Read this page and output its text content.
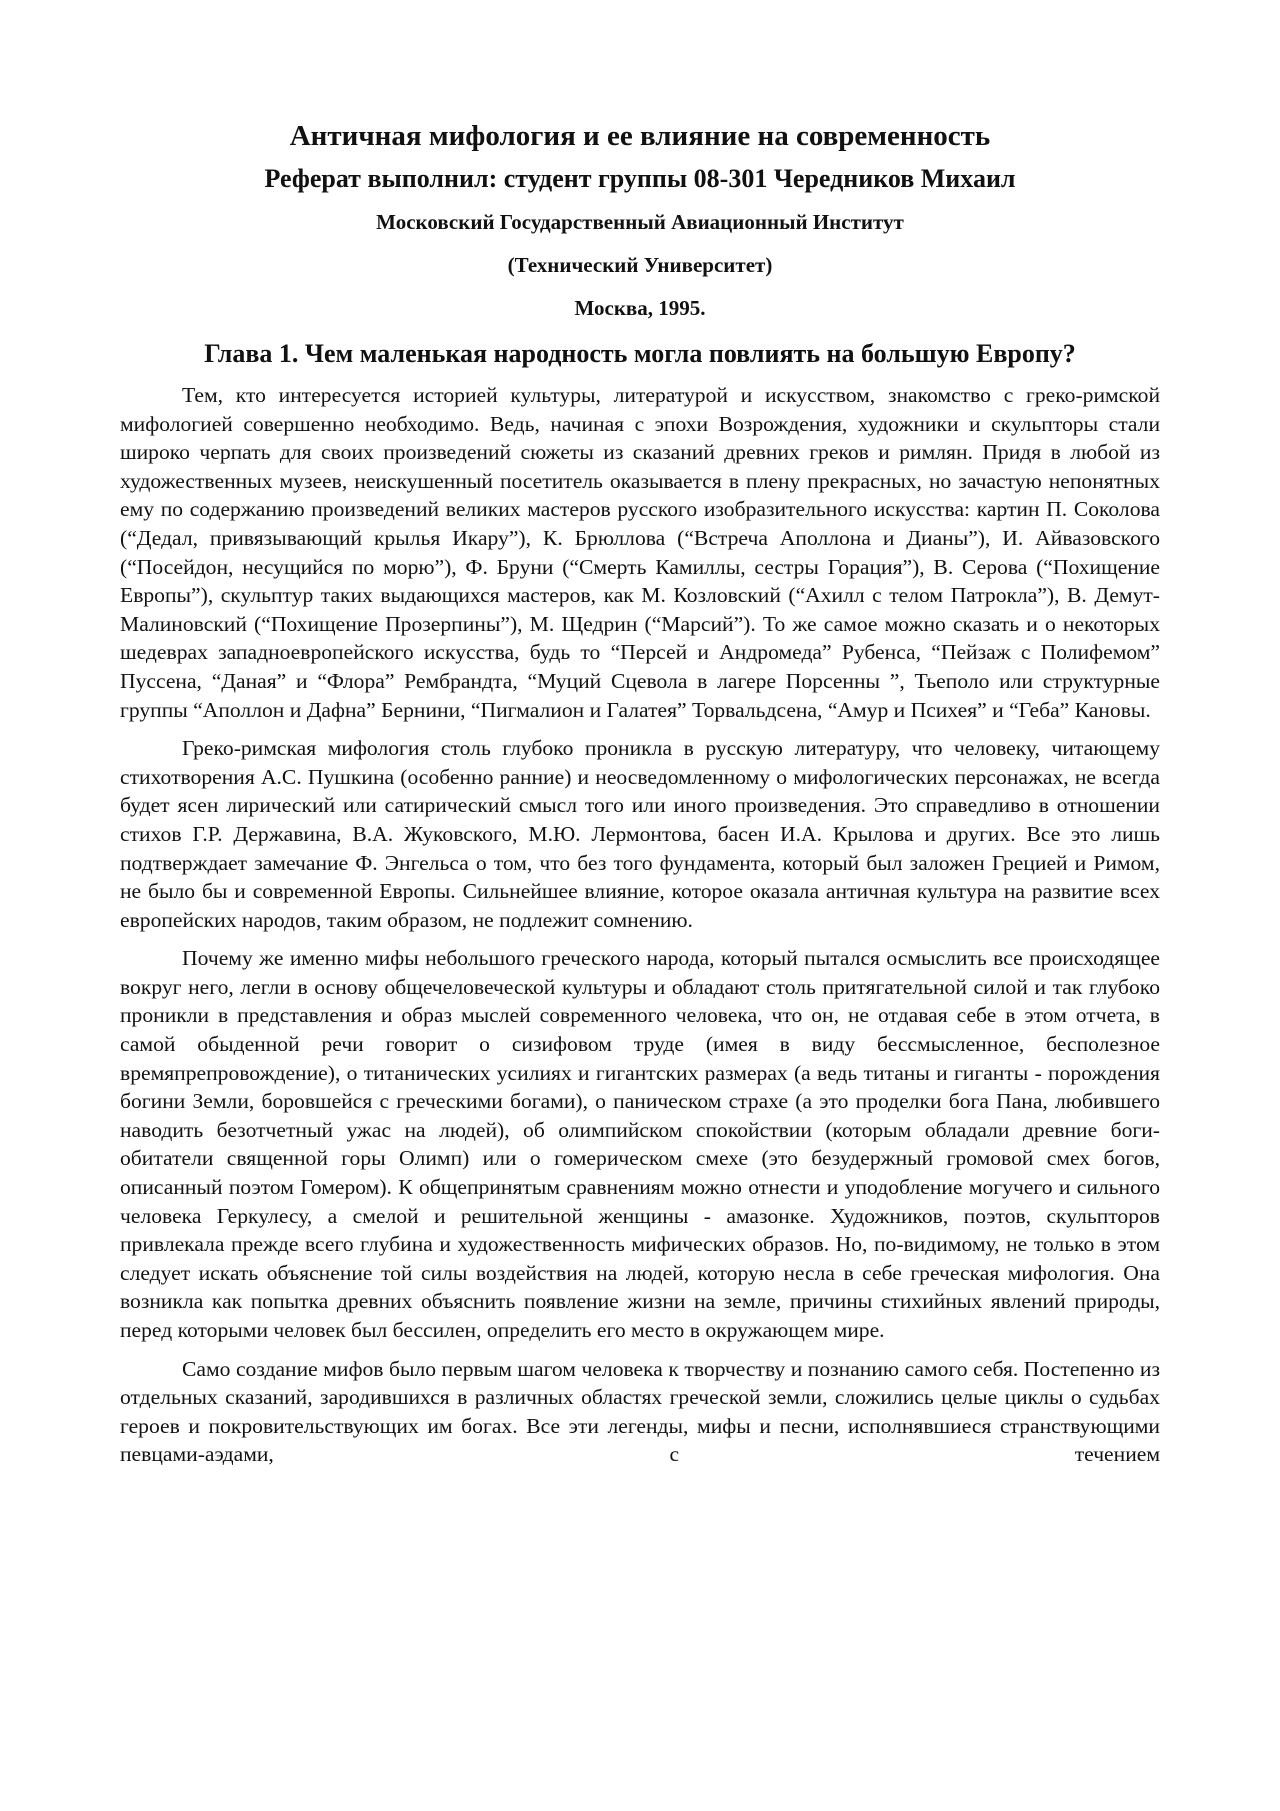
Античная мифология и ее влияние на современность
Реферат выполнил: студент группы 08-301 Чередников Михаил
Московский Государственный Авиационный Институт
(Технический Университет)
Москва, 1995.
Глава 1. Чем маленькая народность могла повлиять на большую Европу?

Тем, кто интересуется историей культуры, литературой и искусством, знакомство с греко-римской мифологией совершенно необходимо. Ведь, начиная с эпохи Возрождения, художники и скульпторы стали широко черпать для своих произведений сюжеты из сказаний древних греков и римлян. Придя в любой из художественных музеев, неискушенный посетитель оказывается в плену прекрасных, но зачастую непонятных ему по содержанию произведений великих мастеров русского изобразительного искусства: картин П. Соколова (“Дедал, привязывающий крылья Икару”), К. Брюллова (“Встреча Аполлона и Дианы”), И. Айвазовского (“Посейдон, несущийся по морю”), Ф. Бруни (“Смерть Камиллы, сестры Горация”), В. Серова (“Похищение Европы”), скульптур таких выдающихся мастеров, как М. Козловский (“Ахилл с телом Патрокла”), В. Демут-Малиновский (“Похищение Прозерпины”), М. Щедрин (“Марсий”). То же самое можно сказать и о некоторых шедеврах западноевропейского искусства, будь то “Персей и Андромеда” Рубенса, “Пейзаж с Полифемом” Пуссена, “Даная” и “Флора” Рембрандта, “Муций Сцевола в лагере Порсенны ”, Тьеполо или структурные группы “Аполлон и Дафна” Бернини, “Пигмалион и Галатея” Торвальдсена, “Амур и Психея” и “Геба” Кановы.

Греко-римская мифология столь глубоко проникла в русскую литературу, что человеку, читающему стихотворения А.С. Пушкина (особенно ранние) и неосведомленному о мифологических персонажах, не всегда будет ясен лирический или сатирический смысл того или иного произведения. Это справедливо в отношении стихов Г.Р. Державина, В.А. Жуковского, М.Ю. Лермонтова, басен И.А. Крылова и других. Все это лишь подтверждает замечание Ф. Энгельса о том, что без того фундамента, который был заложен Грецией и Римом, не было бы и современной Европы. Сильнейшее влияние, которое оказала античная культура на развитие всех европейских народов, таким образом, не подлежит сомнению.

Почему же именно мифы небольшого греческого народа, который пытался осмыслить все происходящее вокруг него, легли в основу общечеловеческой культуры и обладают столь притягательной силой и так глубоко проникли в представления и образ мыслей современного человека, что он, не отдавая себе в этом отчета, в самой обыденной речи говорит о сизифовом труде (имея в виду бессмысленное, бесполезное времяпрепровождение), о титанических усилиях и гигантских размерах (а ведь титаны и гиганты - порождения богини Земли, боровшейся с греческими богами), о паническом страхе (а это проделки бога Пана, любившего наводить безотчетный ужас на людей), об олимпийском спокойствии (которым обладали древние боги-обитатели священной горы Олимп) или о гомерическом смехе (это безудержный громовой смех богов, описанный поэтом Гомером). К общепринятым сравнениям можно отнести и уподобление могучего и сильного человека Геркулесу, а смелой и решительной женщины - амазонке. Художников, поэтов, скульпторов привлекала прежде всего глубина и художественность мифических образов. Но, по-видимому, не только в этом следует искать объяснение той силы воздействия на людей, которую несла в себе греческая мифология. Она возникла как попытка древних объяснить появление жизни на земле, причины стихийных явлений природы, перед которыми человек был бессилен, определить его место в окружающем мире.

Само создание мифов было первым шагом человека к творчеству и познанию самого себя. Постепенно из отдельных сказаний, зародившихся в различных областях греческой земли, сложились целые циклы о судьбах героев и покровительствующих им богах. Все эти легенды, мифы и песни, исполнявшиеся странствующими певцами-аэдами, с течением
